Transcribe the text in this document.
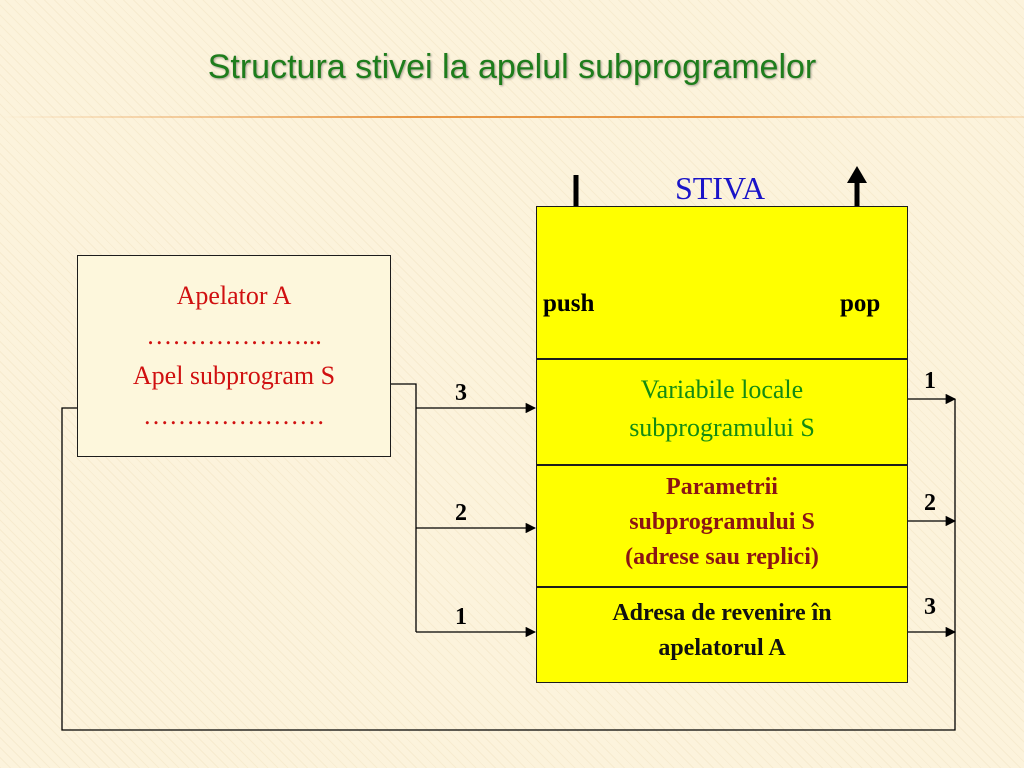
Structura stivei la apelul subprogramelor
Apelator A
………………...
Apel subprogram S
…………………
STIVA
push	pop
Variabile locale
subprogramului S
Parametrii
subprogramului S
(adrese sau replici)
Adresa de revenire în
apelatorul A
3
2
1
1
2
3
